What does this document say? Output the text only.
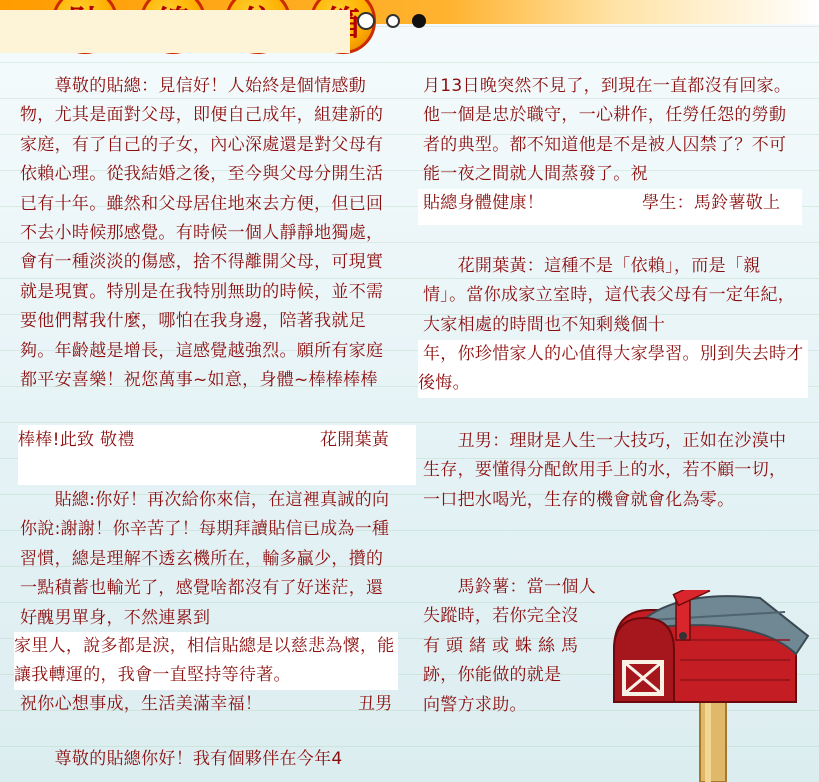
　　尊敬的貼總：見信好！人始終是個情感動物，尤其是面對父母，即便自己成年，組建新的家庭，有了自己的子女，內心深處還是對父母有依賴心理。從我結婚之後，至今與父母分開生活已有十年。雖然和父母居住地來去方便，但已回不去小時候那感覺。有時候一個人靜靜地獨處，會有一種淡淡的傷感，捨不得離開父母，可現實就是現實。特別是在我特別無助的時候，並不需要他們幫我什麼，哪怕在我身邊，陪著我就足夠。年齡越是增長，這感覺越強烈。願所有家庭都平安喜樂！祝您萬事~如意，身體~棒棒棒棒
棒棒!此致 敬禮	花開葉黃
　　貼總:你好！再次給你來信，在這裡真誠的向你說:謝謝！你辛苦了！每期拜讀貼信已成為一種習慣，總是理解不透玄機所在，輸多贏少，攢的一點積蓄也輸光了，感覺啥都沒有了好迷茫，還好醜男單身，不然連累到
家里人，說多都是淚，相信貼總是以慈悲為懷，能讓我轉運的，我會一直堅持等待著。
祝你心想事成，生活美滿幸福！	丑男
　　尊敬的貼總你好！我有個夥伴在今年4
月13日晚突然不見了，到現在一直都沒有回家。他一個是忠於職守，一心耕作，任勞任怨的勞動者的典型。都不知道他是不是被人囚禁了？不可能一夜之間就人間蒸發了。祝
貼總身體健康！	學生：馬鈴薯敬上
　　花開葉黃：這種不是「依賴」，而是「親情」。當你成家立室時，這代表父母有一定年紀，大家相處的時間也不知剩幾個十
年，你珍惜家人的心值得大家學習。別到失去時才後悔。
　　丑男：理財是人生一大技巧，正如在沙漠中生存，要懂得分配飲用手上的水，若不顧一切，一口把水喝光，生存的機會就會化為零。
　　馬鈴薯：當一個人
失蹤時，若你完全沒
有 頭 緒 或 蛛 絲 馬
跡，你能做的就是
向警方求助。
